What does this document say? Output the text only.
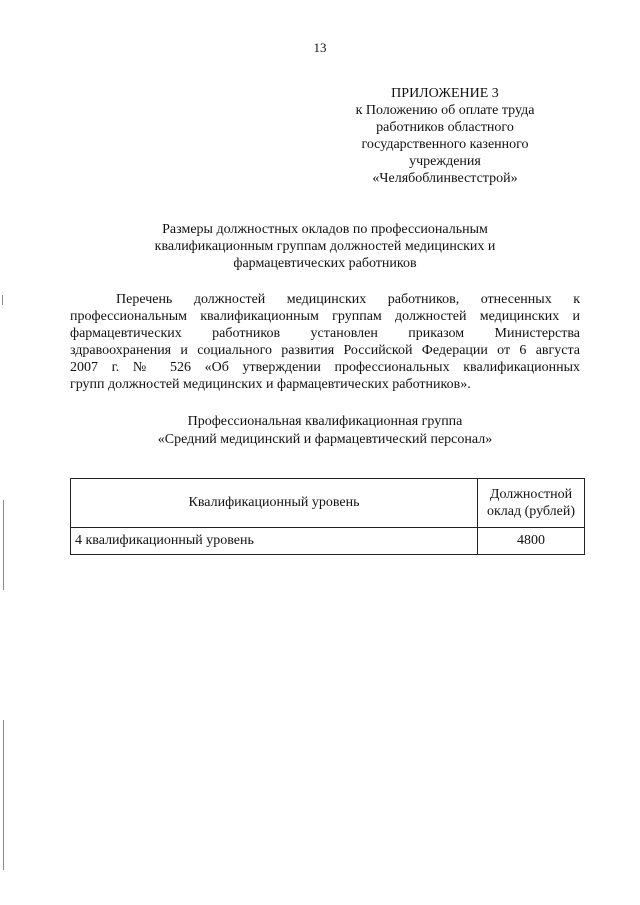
13
ПРИЛОЖЕНИЕ 3
к Положению об оплате труда
работников областного
государственного казенного
учреждения
«Челябоблинвестстрой»
Размеры должностных окладов по профессиональным
квалификационным группам должностей медицинских и
фармацевтических работников
Перечень должностей медицинских работников, отнесенных к
профессиональным квалификационным группам должностей медицинских и
фармацевтических работников установлен приказом Министерства
здравоохранения и социального развития Российской Федерации от 6 августа
2007 г. № 526 «Об утверждении профессиональных квалификационных
групп должностей медицинских и фармацевтических работников».
Профессиональная квалификационная группа
«Средний медицинский и фармацевтический персонал»
Квалификационный уровень	Должностной
оклад (рублей)
4 квалификационный уровень	4800
